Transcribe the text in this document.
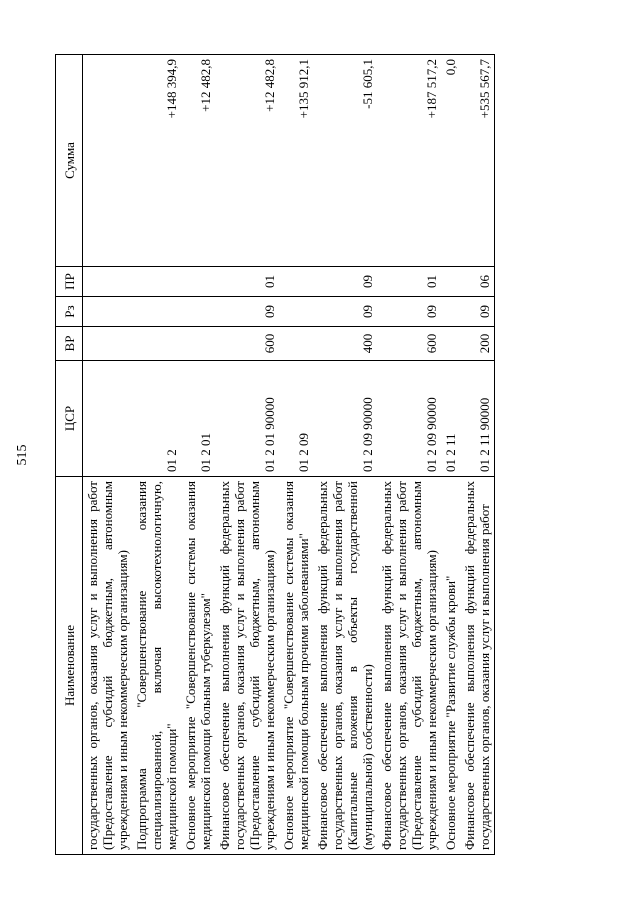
515
Наименование	ЦСР	ВР	Рз	ПР	Сумма
государственных органов, оказания услуг и выполнения работ (Предоставление субсидий бюджетным, автономным учреждениям и иным некоммерческим организациям)					
Подпрограмма "Совершенствование оказания специализированной, включая высокотехнологичную, медицинской помощи"	01 2				+148 394,9
Основное мероприятие "Совершенствование системы оказания медицинской помощи больным туберкулезом"	01 2 01				+12 482,8
Финансовое обеспечение выполнения функций федеральных государственных органов, оказания услуг и выполнения работ (Предоставление субсидий бюджетным, автономным учреждениям и иным некоммерческим организациям)	01 2 01 90000	600	09	01	+12 482,8
Основное мероприятие "Совершенствование системы оказания медицинской помощи больным прочими заболеваниями"	01 2 09				+135 912,1
Финансовое обеспечение выполнения функций федеральных государственных органов, оказания услуг и выполнения работ (Капитальные вложения в объекты государственной (муниципальной) собственности)	01 2 09 90000	400	09	09	-51 605,1
Финансовое обеспечение выполнения функций федеральных государственных органов, оказания услуг и выполнения работ (Предоставление субсидий бюджетным, автономным учреждениям и иным некоммерческим организациям)	01 2 09 90000	600	09	01	+187 517,2
Основное мероприятие "Развитие службы крови"	01 2 11				0,0
Финансовое обеспечение выполнения функций федеральных государственных органов, оказания услуг и выполнения работ	01 2 11 90000	200	09	06	+535 567,7
